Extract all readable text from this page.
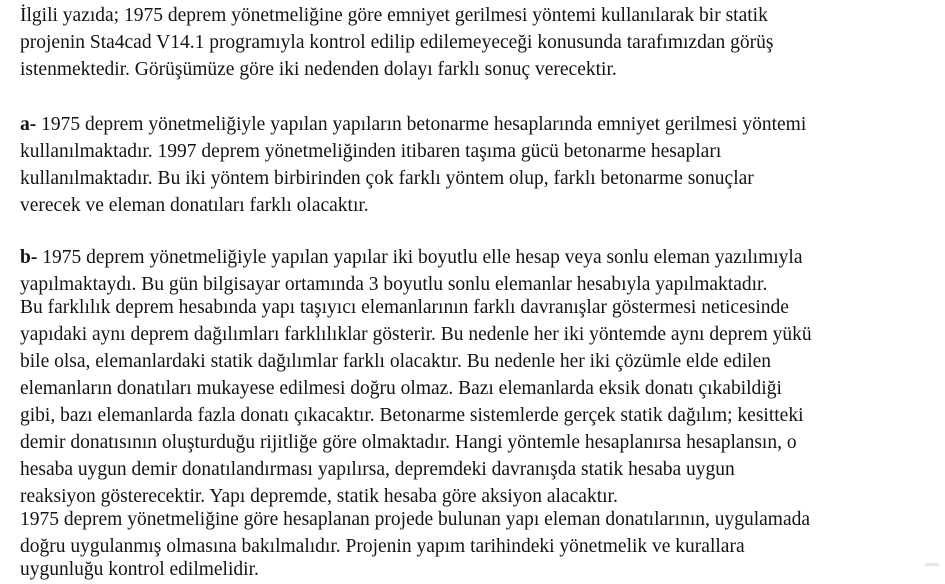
İlgili yazıda; 1975 deprem yönetmeliğine göre emniyet gerilmesi yöntemi kullanılarak bir statik
projenin Sta4cad V14.1 programıyla kontrol edilip edilemeyeceği konusunda tarafımızdan görüş
istenmektedir. Görüşümüze göre iki nedenden dolayı farklı sonuç verecektir.
a- 1975 deprem yönetmeliğiyle yapılan yapıların betonarme hesaplarında emniyet gerilmesi yöntemi
kullanılmaktadır. 1997 deprem yönetmeliğinden itibaren taşıma gücü betonarme hesapları
kullanılmaktadır. Bu iki yöntem birbirinden çok farklı yöntem olup, farklı betonarme sonuçlar
verecek ve eleman donatıları farklı olacaktır.
b- 1975 deprem yönetmeliğiyle yapılan yapılar iki boyutlu elle hesap veya sonlu eleman yazılımıyla
yapılmaktaydı. Bu gün bilgisayar ortamında 3 boyutlu sonlu elemanlar hesabıyla yapılmaktadır.
Bu farklılık deprem hesabında yapı taşıyıcı elemanlarının farklı davranışlar göstermesi neticesinde
yapıdaki aynı deprem dağılımları farklılıklar gösterir. Bu nedenle her iki yöntemde aynı deprem yükü
bile olsa, elemanlardaki statik dağılımlar farklı olacaktır. Bu nedenle her iki çözümle elde edilen
elemanların donatıları mukayese edilmesi doğru olmaz. Bazı elemanlarda eksik donatı çıkabildiği
gibi, bazı elemanlarda fazla donatı çıkacaktır. Betonarme sistemlerde gerçek statik dağılım; kesitteki
demir donatısının oluşturduğu rijitliğe göre olmaktadır. Hangi yöntemle hesaplanırsa hesaplansın, o
hesaba uygun demir donatılandırması yapılırsa, depremdeki davranışda statik hesaba uygun
reaksiyon gösterecektir. Yapı depremde, statik hesaba göre aksiyon alacaktır.
1975 deprem yönetmeliğine göre hesaplanan projede bulunan yapı eleman donatılarının, uygulamada
doğru uygulanmış olmasına bakılmalıdır. Projenin yapım tarihindeki yönetmelik ve kurallara
uygunluğu kontrol edilmelidir.
